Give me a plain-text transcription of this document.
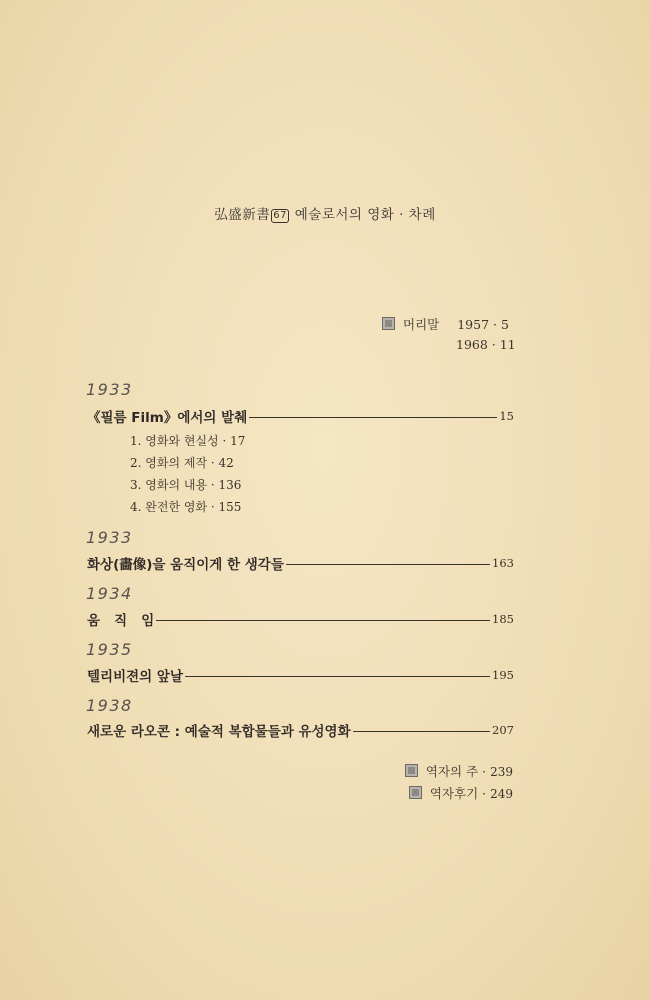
弘盛新書 67 예술로서의 영화 · 차례
머리말 1957 · 5
1968 · 11
1933
《필름 Film》에서의 발췌	15
1. 영화와 현실성 · 17
2. 영화의 제작 · 42
3. 영화의 내용 · 136
4. 완전한 영화 · 155
1933
화상(畵像)을 움직이게 한 생각들	163
1934
움   직   임	185
1935
텔리비젼의 앞날	195
1938
새로운 라오콘 : 예술적 복합물들과 유성영화	207
역자의 주 · 239
역자후기 · 249
